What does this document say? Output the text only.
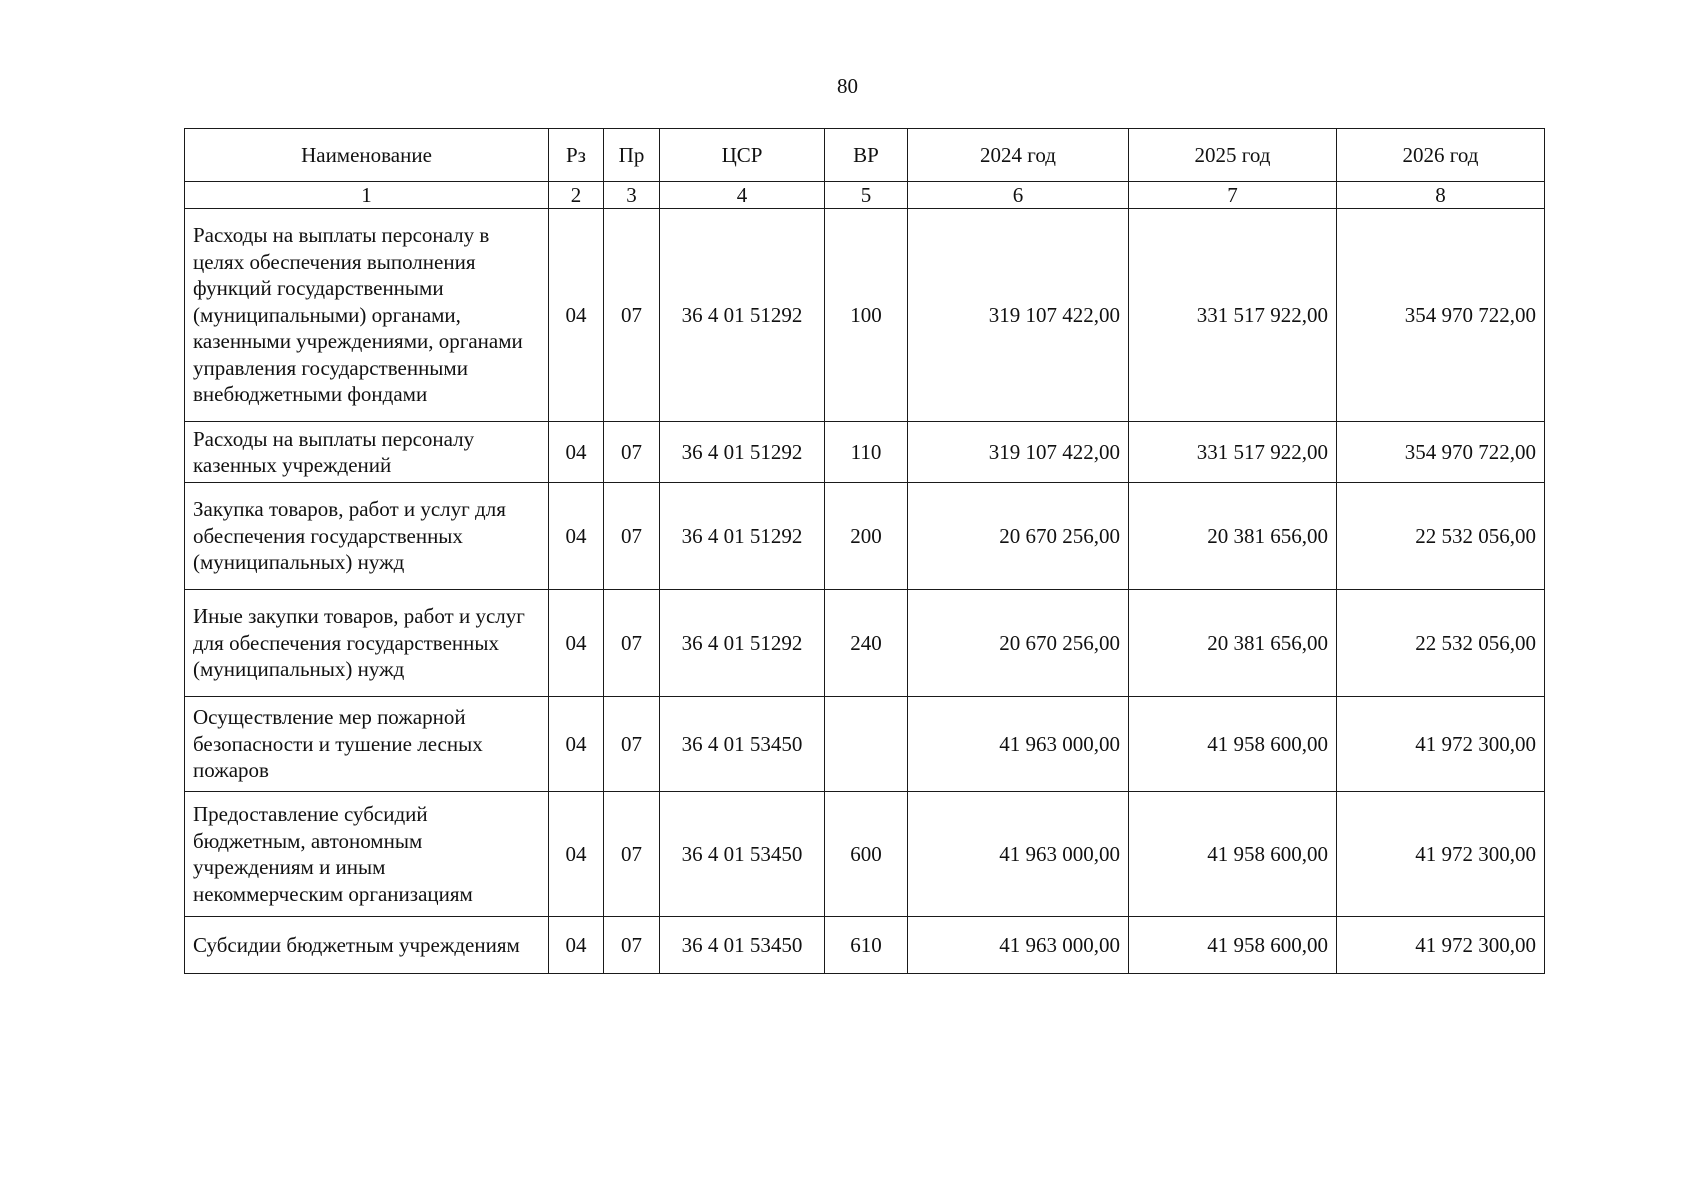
80
Наименование	Рз	Пр	ЦСР	ВР	2024 год	2025 год	2026 год
1	2	3	4	5	6	7	8
Расходы на выплаты персоналу в целях обеспечения выполнения функций государственными (муниципальными) органами, казенными учреждениями, органами управления государственными внебюджетными фондами	04	07	36 4 01 51292	100	319 107 422,00	331 517 922,00	354 970 722,00
Расходы на выплаты персоналу казенных учреждений	04	07	36 4 01 51292	110	319 107 422,00	331 517 922,00	354 970 722,00
Закупка товаров, работ и услуг для обеспечения государственных (муниципальных) нужд	04	07	36 4 01 51292	200	20 670 256,00	20 381 656,00	22 532 056,00
Иные закупки товаров, работ и услуг для обеспечения государственных (муниципальных) нужд	04	07	36 4 01 51292	240	20 670 256,00	20 381 656,00	22 532 056,00
Осуществление мер пожарной безопасности и тушение лесных пожаров	04	07	36 4 01 53450		41 963 000,00	41 958 600,00	41 972 300,00
Предоставление субсидий бюджетным, автономным учреждениям и иным некоммерческим организациям	04	07	36 4 01 53450	600	41 963 000,00	41 958 600,00	41 972 300,00
Субсидии бюджетным учреждениям	04	07	36 4 01 53450	610	41 963 000,00	41 958 600,00	41 972 300,00
